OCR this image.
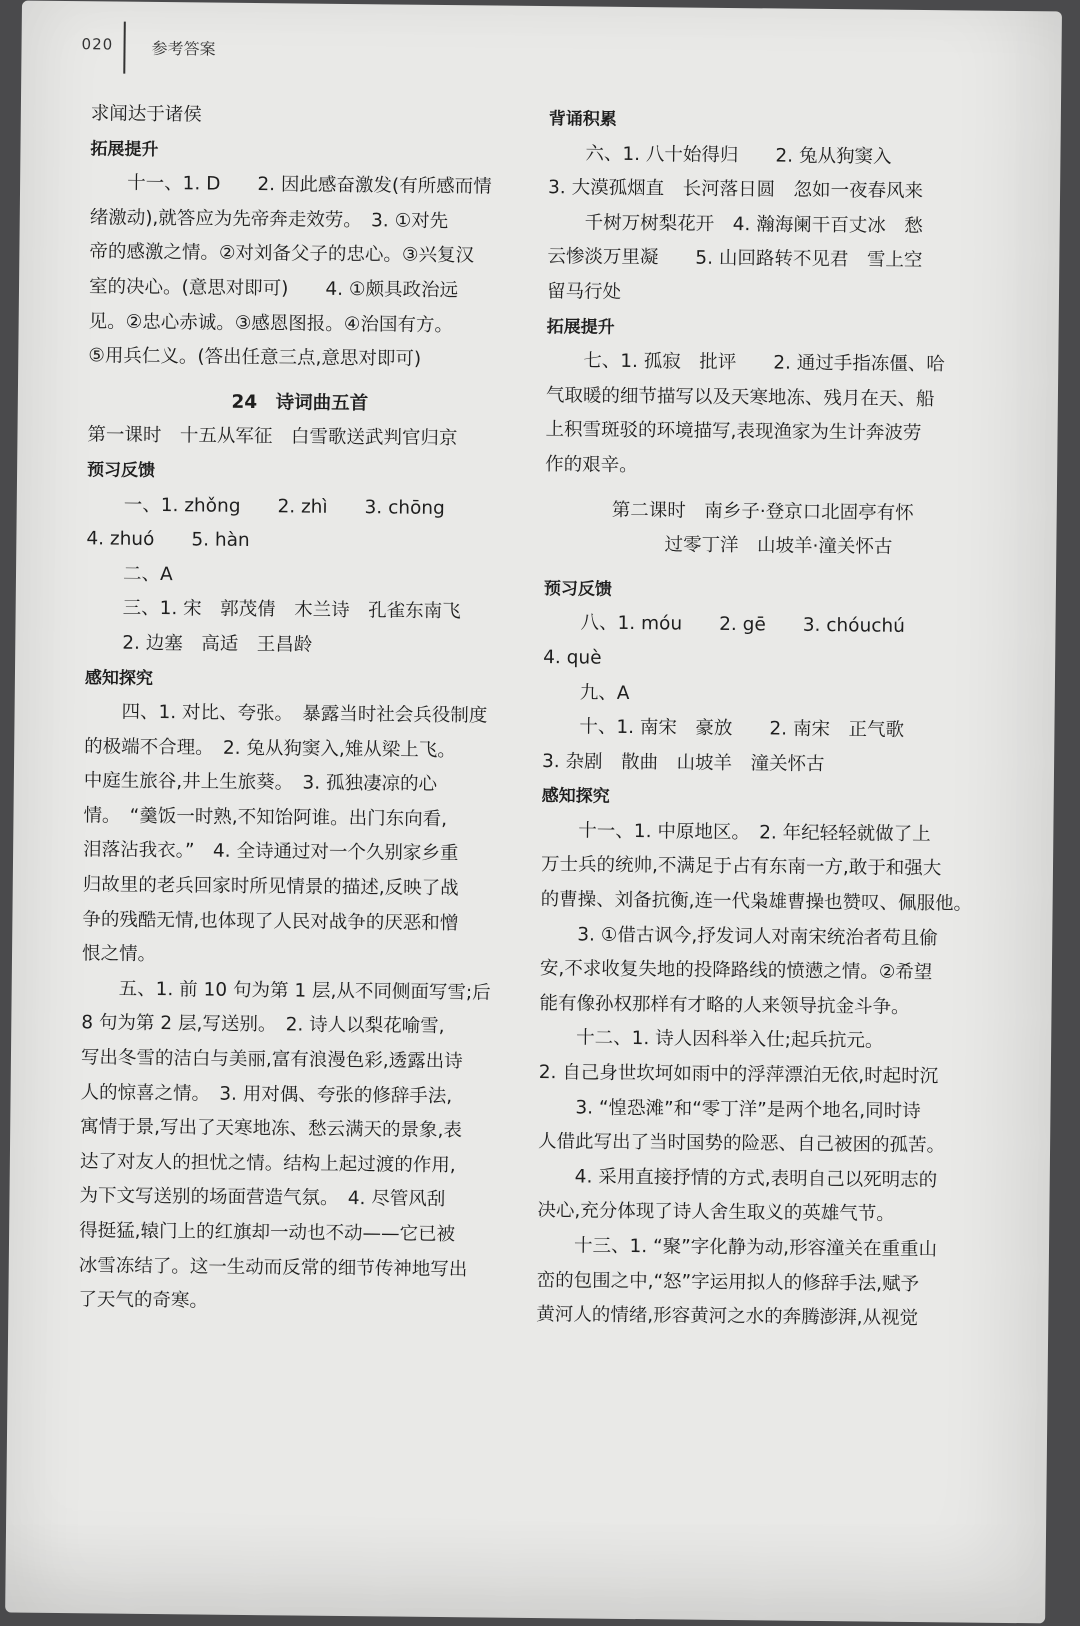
020 参考答案
求闻达于诸侯
拓展提升
十一、1. D　　2. 因此感奋激发(有所感而情
绪激动),就答应为先帝奔走效劳。　3. ①对先
帝的感激之情。②对刘备父子的忠心。③兴复汉
室的决心。(意思对即可)　　4. ①颇具政治远
见。②忠心赤诚。③感恩图报。④治国有方。
⑤用兵仁义。(答出任意三点,意思对即可)
24　诗词曲五首
第一课时　十五从军征　白雪歌送武判官归京
预习反馈
一、1. zhǒng　　2. zhì　　3. chōng
4. zhuó　　5. hàn
二、A
三、1. 宋　郭茂倩　木兰诗　孔雀东南飞
2. 边塞　高适　王昌龄
感知探究
四、1. 对比、夸张。　暴露当时社会兵役制度
的极端不合理。　2. 兔从狗窦入,雉从梁上飞。
中庭生旅谷,井上生旅葵。　3. 孤独凄凉的心
情。　“羹饭一时熟,不知饴阿谁。出门东向看,
泪落沾我衣。”　4. 全诗通过对一个久别家乡重
归故里的老兵回家时所见情景的描述,反映了战
争的残酷无情,也体现了人民对战争的厌恶和憎
恨之情。
五、1. 前 10 句为第 1 层,从不同侧面写雪;后
8 句为第 2 层,写送别。　2. 诗人以梨花喻雪,
写出冬雪的洁白与美丽,富有浪漫色彩,透露出诗
人的惊喜之情。　3. 用对偶、夸张的修辞手法,
寓情于景,写出了天寒地冻、愁云满天的景象,表
达了对友人的担忧之情。结构上起过渡的作用,
为下文写送别的场面营造气氛。　4. 尽管风刮
得挺猛,辕门上的红旗却一动也不动——它已被
冰雪冻结了。这一生动而反常的细节传神地写出
了天气的奇寒。
背诵积累
六、1. 八十始得归　　2. 兔从狗窦入
3. 大漠孤烟直　长河落日圆　忽如一夜春风来
千树万树梨花开　4. 瀚海阑干百丈冰　愁
云惨淡万里凝　　5. 山回路转不见君　雪上空
留马行处
拓展提升
七、1. 孤寂　批评　　2. 通过手指冻僵、哈
气取暖的细节描写以及天寒地冻、残月在天、船
上积雪斑驳的环境描写,表现渔家为生计奔波劳
作的艰辛。
第二课时　南乡子·登京口北固亭有怀
过零丁洋　山坡羊·潼关怀古
预习反馈
八、1. móu　　2. gē　　3. chóuchú
4. què
九、A
十、1. 南宋　豪放　　2. 南宋　正气歌
3. 杂剧　散曲　山坡羊　潼关怀古
感知探究
十一、1. 中原地区。　2. 年纪轻轻就做了上
万士兵的统帅,不满足于占有东南一方,敢于和强大
的曹操、刘备抗衡,连一代枭雄曹操也赞叹、佩服他。
3. ①借古讽今,抒发词人对南宋统治者苟且偷
安,不求收复失地的投降路线的愤懑之情。②希望
能有像孙权那样有才略的人来领导抗金斗争。
十二、1. 诗人因科举入仕;起兵抗元。
2. 自己身世坎坷如雨中的浮萍漂泊无依,时起时沉
3. “惶恐滩”和“零丁洋”是两个地名,同时诗
人借此写出了当时国势的险恶、自己被困的孤苦。
4. 采用直接抒情的方式,表明自己以死明志的
决心,充分体现了诗人舍生取义的英雄气节。
十三、1. “聚”字化静为动,形容潼关在重重山
峦的包围之中,“怒”字运用拟人的修辞手法,赋予
黄河人的情绪,形容黄河之水的奔腾澎湃,从视觉
